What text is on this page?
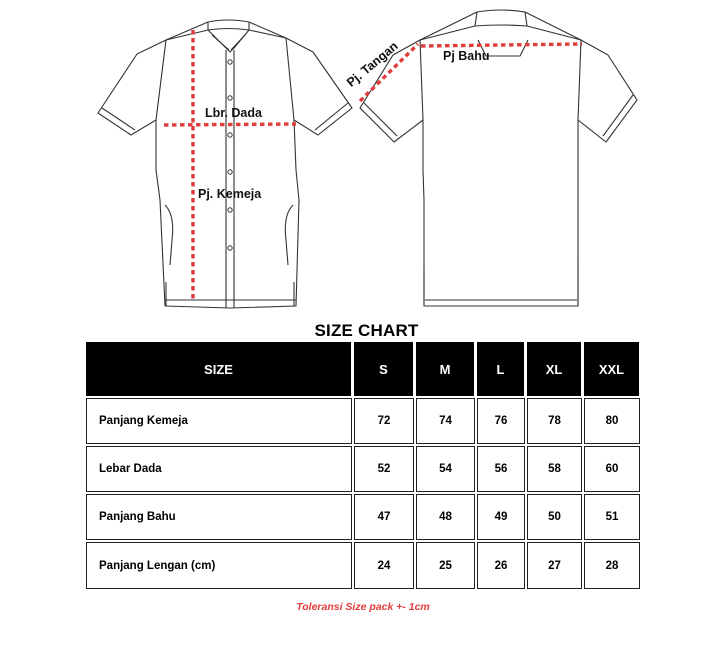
Lbr. Dada
Pj. Kemeja
Pj. Tangan	Pj Bahu
SIZE CHART
SIZE	S	M	L	XL	XXL
Panjang Kemeja	72	74	76	78	80
Lebar Dada	52	54	56	58	60
Panjang Bahu	47	48	49	50	51
Panjang Lengan (cm)	24	25	26	27	28
Toleransi Size pack +- 1cm
